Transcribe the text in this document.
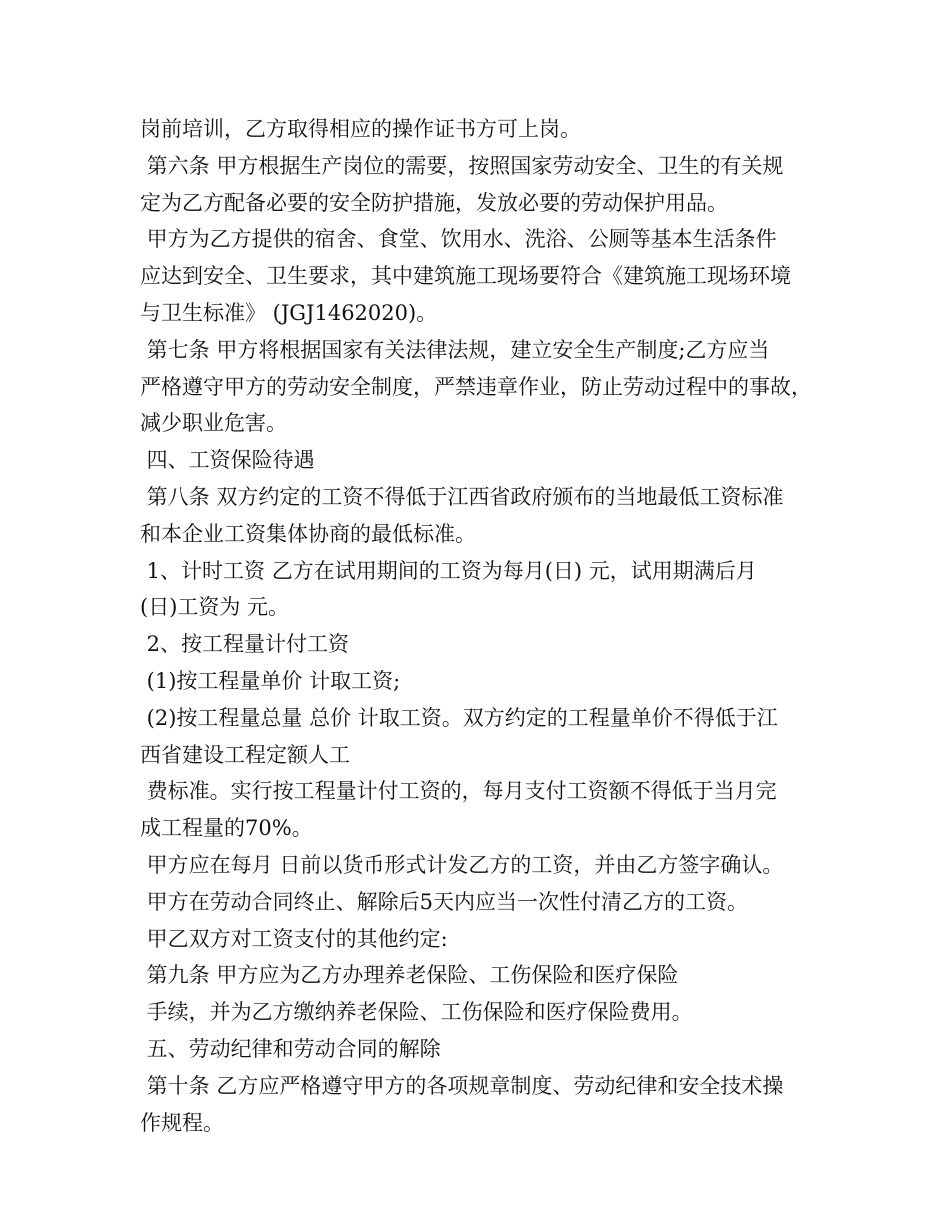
岗前培训，乙方取得相应的操作证书方可上岗。
第六条 甲方根据生产岗位的需要，按照国家劳动安全、卫生的有关规
定为乙方配备必要的安全防护措施，发放必要的劳动保护用品。
甲方为乙方提供的宿舍、食堂、饮用水、洗浴、公厕等基本生活条件
应达到安全、卫生要求，其中建筑施工现场要符合《建筑施工现场环境
与卫生标准》 (JGJ1462020)。
第七条 甲方将根据国家有关法律法规，建立安全生产制度;乙方应当
严格遵守甲方的劳动安全制度，严禁违章作业，防止劳动过程中的事故，
减少职业危害。
四、工资保险待遇
第八条 双方约定的工资不得低于江西省政府颁布的当地最低工资标准
和本企业工资集体协商的最低标准。
1、计时工资 乙方在试用期间的工资为每月(日) 元，试用期满后月
(日)工资为 元。
2、按工程量计付工资
(1)按工程量单价 计取工资;
(2)按工程量总量 总价 计取工资。双方约定的工程量单价不得低于江
西省建设工程定额人工
费标准。实行按工程量计付工资的，每月支付工资额不得低于当月完
成工程量的70%。
甲方应在每月 日前以货币形式计发乙方的工资，并由乙方签字确认。
甲方在劳动合同终止、解除后5天内应当一次性付清乙方的工资。
甲乙双方对工资支付的其他约定:
第九条 甲方应为乙方办理养老保险、工伤保险和医疗保险
手续，并为乙方缴纳养老保险、工伤保险和医疗保险费用。
五、劳动纪律和劳动合同的解除
第十条 乙方应严格遵守甲方的各项规章制度、劳动纪律和安全技术操
作规程。
